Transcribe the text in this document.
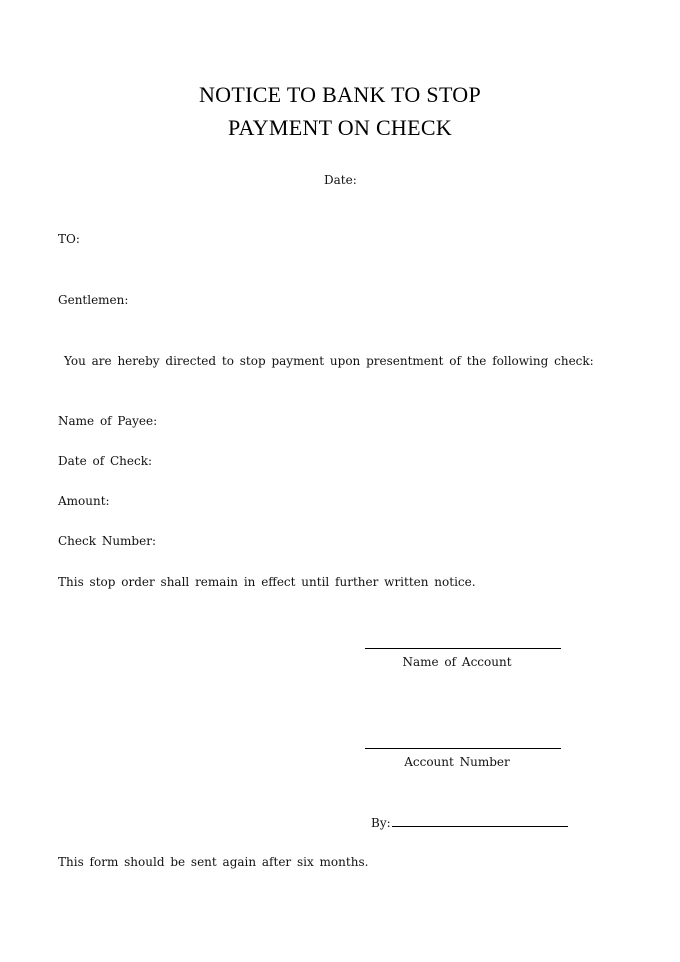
NOTICE TO BANK TO STOP
PAYMENT ON CHECK
Date:
TO:
Gentlemen:
You are hereby directed to stop payment upon presentment of the following check:
Name of Payee:
Date of Check:
Amount:
Check Number:
This stop order shall remain in effect until further written notice.
Name of Account
Account Number
By:
This form should be sent again after six months.
